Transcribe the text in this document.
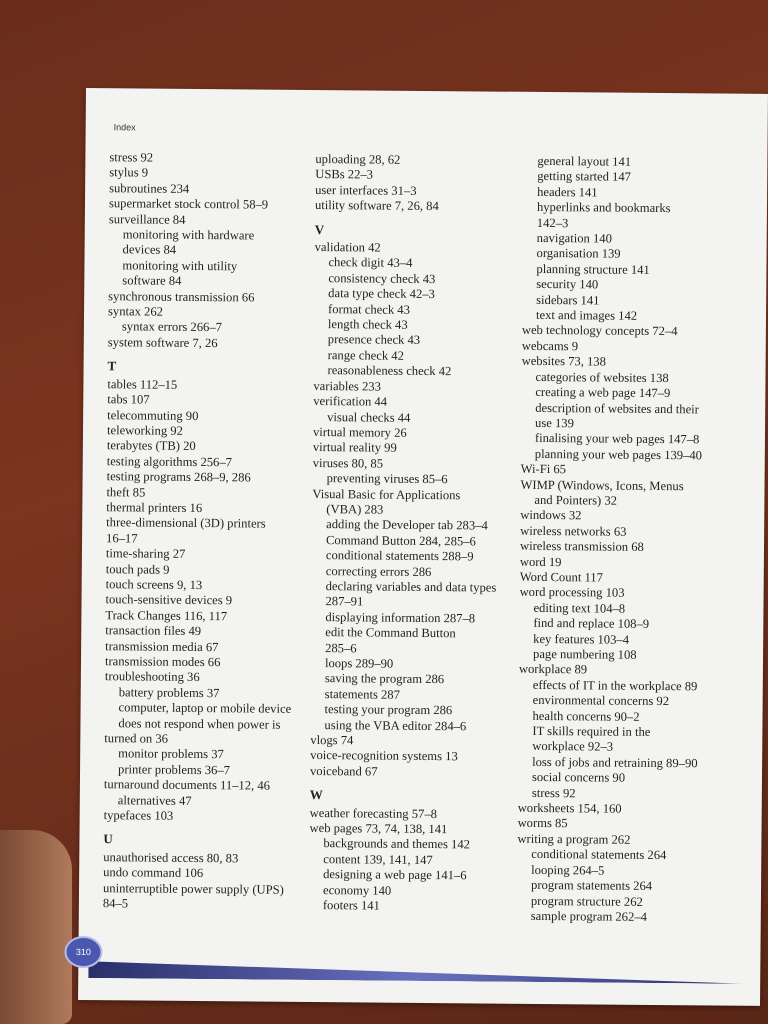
Index
stress 92
stylus 9
subroutines 234
supermarket stock control 58–9
surveillance 84
monitoring with hardware
devices 84
monitoring with utility
software 84
synchronous transmission 66
syntax 262
syntax errors 266–7
system software 7, 26
T
tables 112–15
tabs 107
telecommuting 90
teleworking 92
terabytes (TB) 20
testing algorithms 256–7
testing programs 268–9, 286
theft 85
thermal printers 16
three-dimensional (3D) printers
16–17
time-sharing 27
touch pads 9
touch screens 9, 13
touch-sensitive devices 9
Track Changes 116, 117
transaction files 49
transmission media 67
transmission modes 66
troubleshooting 36
battery problems 37
computer, laptop or mobile device
does not respond when power is
turned on 36
monitor problems 37
printer problems 36–7
turnaround documents 11–12, 46
alternatives 47
typefaces 103
U
unauthorised access 80, 83
undo command 106
uninterruptible power supply (UPS)
84–5
uploading 28, 62
USBs 22–3
user interfaces 31–3
utility software 7, 26, 84
V
validation 42
check digit 43–4
consistency check 43
data type check 42–3
format check 43
length check 43
presence check 43
range check 42
reasonableness check 42
variables 233
verification 44
visual checks 44
virtual memory 26
virtual reality 99
viruses 80, 85
preventing viruses 85–6
Visual Basic for Applications
(VBA) 283
adding the Developer tab 283–4
Command Button 284, 285–6
conditional statements 288–9
correcting errors 286
declaring variables and data types
287–91
displaying information 287–8
edit the Command Button
285–6
loops 289–90
saving the program 286
statements 287
testing your program 286
using the VBA editor 284–6
vlogs 74
voice-recognition systems 13
voiceband 67
W
weather forecasting 57–8
web pages 73, 74, 138, 141
backgrounds and themes 142
content 139, 141, 147
designing a web page 141–6
economy 140
footers 141
general layout 141
getting started 147
headers 141
hyperlinks and bookmarks
142–3
navigation 140
organisation 139
planning structure 141
security 140
sidebars 141
text and images 142
web technology concepts 72–4
webcams 9
websites 73, 138
categories of websites 138
creating a web page 147–9
description of websites and their
use 139
finalising your web pages 147–8
planning your web pages 139–40
Wi-Fi 65
WIMP (Windows, Icons, Menus
and Pointers) 32
windows 32
wireless networks 63
wireless transmission 68
word 19
Word Count 117
word processing 103
editing text 104–8
find and replace 108–9
key features 103–4
page numbering 108
workplace 89
effects of IT in the workplace 89
environmental concerns 92
health concerns 90–2
IT skills required in the
workplace 92–3
loss of jobs and retraining 89–90
social concerns 90
stress 92
worksheets 154, 160
worms 85
writing a program 262
conditional statements 264
looping 264–5
program statements 264
program structure 262
sample program 262–4
310
